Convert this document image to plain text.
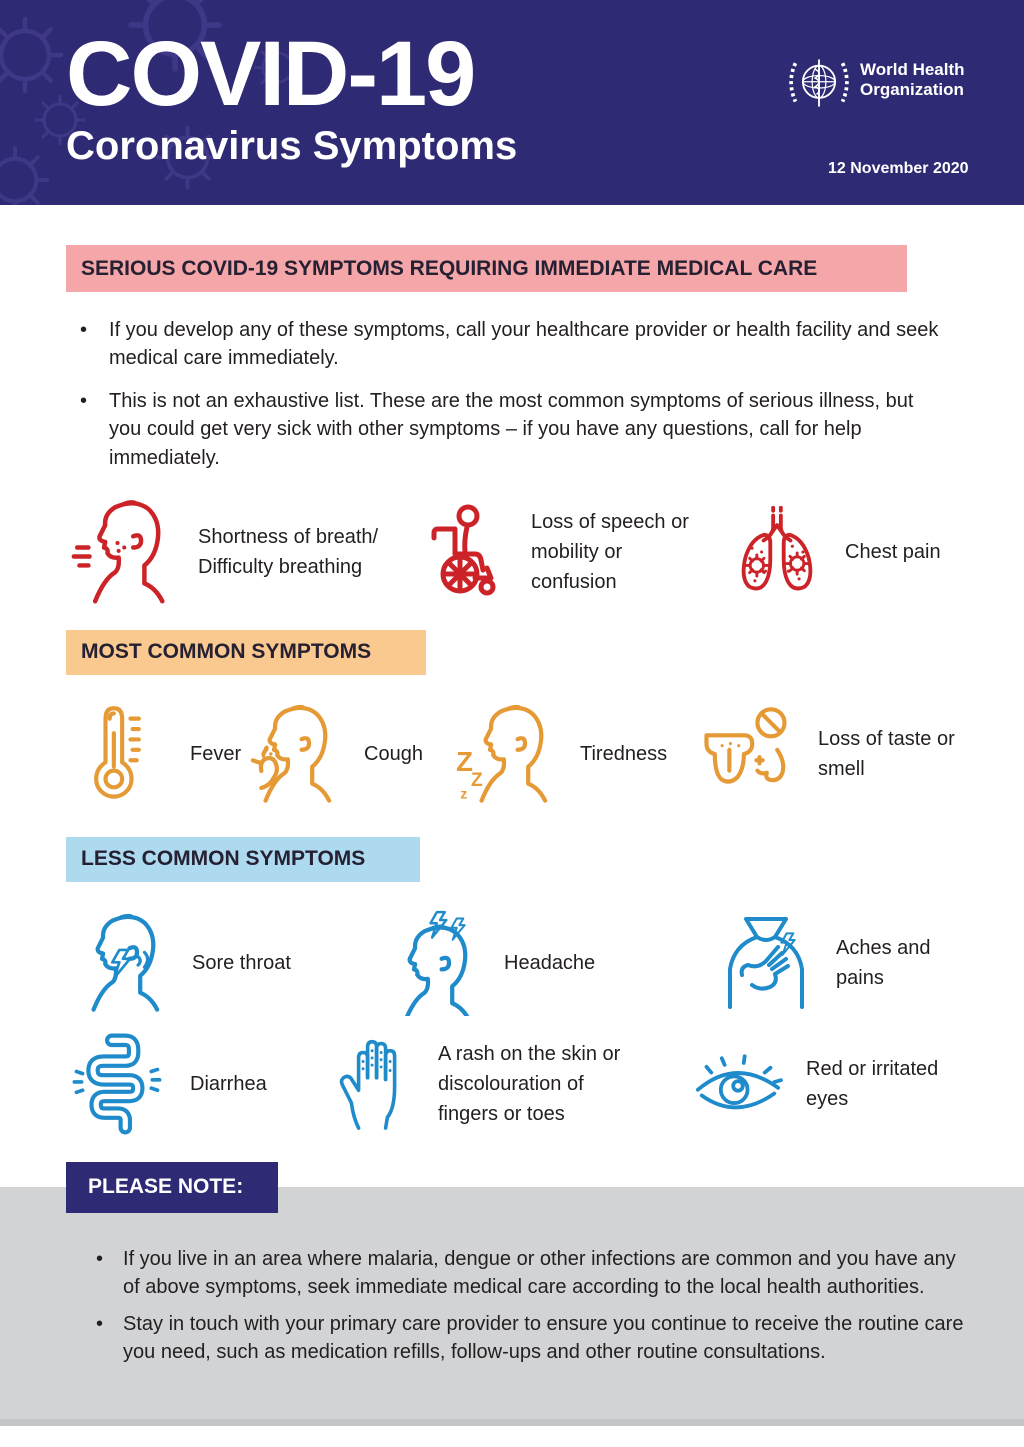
COVID-19
Coronavirus Symptoms
World Health
Organization
12 November 2020
SERIOUS COVID-19 SYMPTOMS REQUIRING IMMEDIATE MEDICAL CARE
• If you develop any of these symptoms, call your healthcare provider or health facility and seek medical care immediately.
• This is not an exhaustive list. These are the most common symptoms of serious illness, but you could get very sick with other symptoms – if you have any questions, call for help immediately.
Shortness of breath/ Difficulty breathing
Loss of speech or mobility or confusion
Chest pain
MOST COMMON SYMPTOMS
Fever	Cough Z
Z
z
Tiredness
Loss of taste or smell
LESS COMMON SYMPTOMS
Sore throat	Headache
Aches and pains
Diarrhea
A rash on the skin or discolouration of fingers or toes
Red or irritated eyes
PLEASE NOTE:
• If you live in an area where malaria, dengue or other infections are common and you have any of above symptoms, seek immediate medical care according to the local health authorities.
• Stay in touch with your primary care provider to ensure you continue to receive the routine care you need, such as medication refills, follow-ups and other routine consultations.
